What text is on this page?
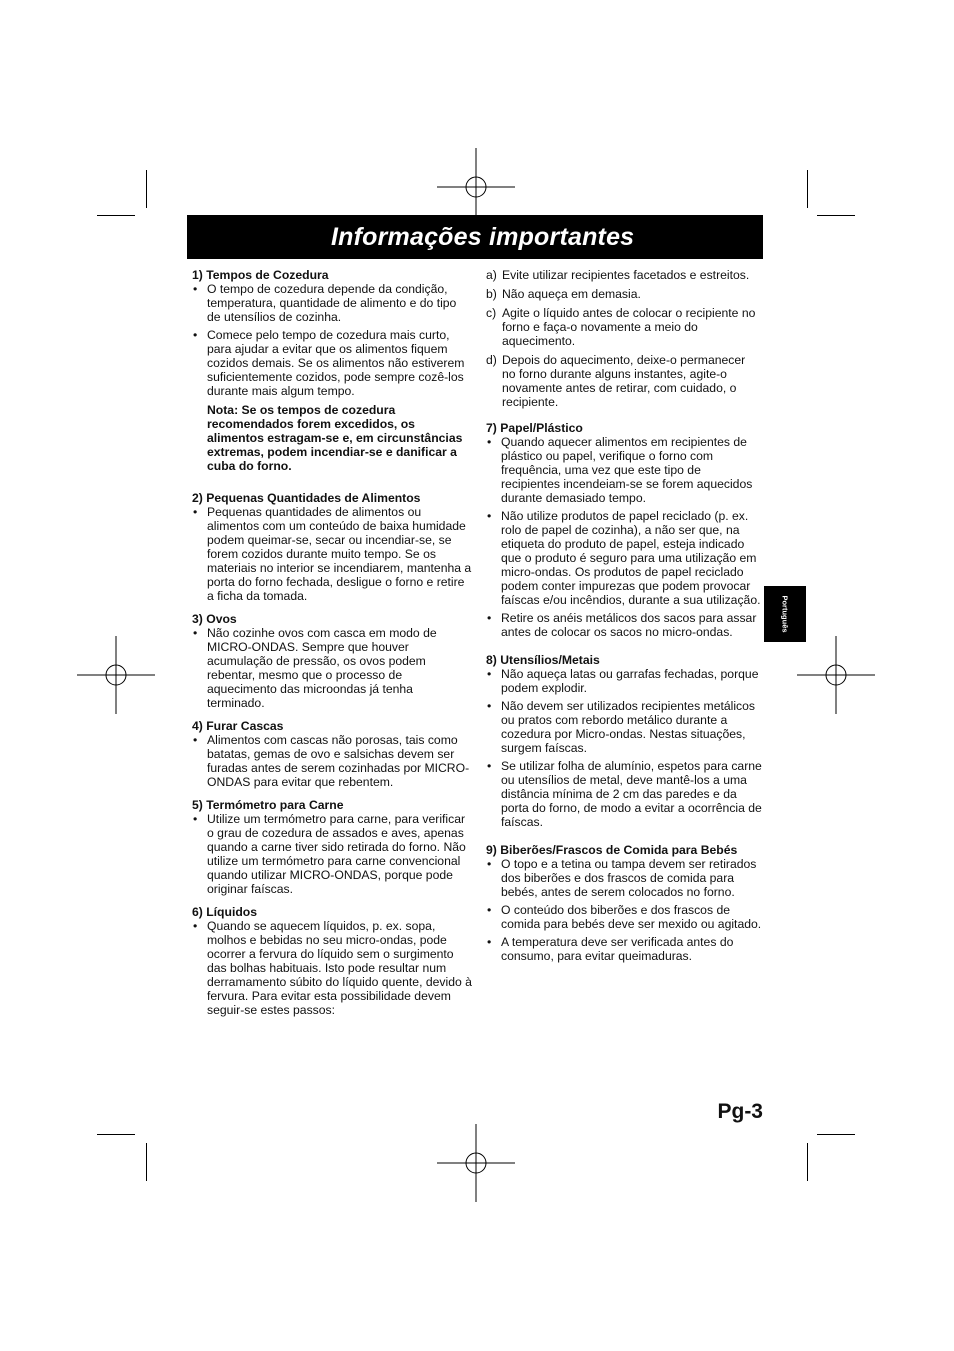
Informações importantes
1) Tempos de Cozedura
• O tempo de cozedura depende da condição, temperatura, quantidade de alimento e do tipo de utensílios de cozinha.
• Comece pelo tempo de cozedura mais curto, para ajudar a evitar que os alimentos fiquem cozidos demais. Se os alimentos não estiverem suficientemente cozidos, pode sempre cozê-los durante mais algum tempo.
Nota: Se os tempos de cozedura recomendados forem excedidos, os alimentos estragam-se e, em circunstâncias extremas, podem incendiar-se e danificar a cuba do forno.
2) Pequenas Quantidades de Alimentos
• Pequenas quantidades de alimentos ou alimentos com um conteúdo de baixa humidade podem queimar-se, secar ou incendiar-se, se forem cozidos durante muito tempo. Se os materiais no interior se incendiarem, mantenha a porta do forno fechada, desligue o forno e retire a ficha da tomada.
3) Ovos
• Não cozinhe ovos com casca em modo de MICRO-ONDAS. Sempre que houver acumulação de pressão, os ovos podem rebentar, mesmo que o processo de aquecimento das microondas já tenha terminado.
4) Furar Cascas
• Alimentos com cascas não porosas, tais como batatas, gemas de ovo e salsichas devem ser furadas antes de serem cozinhadas por MICRO-ONDAS para evitar que rebentem.
5) Termómetro para Carne
• Utilize um termómetro para carne, para verificar o grau de cozedura de assados e aves, apenas quando a carne tiver sido retirada do forno. Não utilize um termómetro para carne convencional quando utilizar MICRO-ONDAS, porque pode originar faíscas.
6) Líquidos
• Quando se aquecem líquidos, p. ex. sopa, molhos e bebidas no seu micro-ondas, pode ocorrer a fervura do líquido sem o surgimento das bolhas habituais. Isto pode resultar num derramamento súbito do líquido quente, devido à fervura. Para evitar esta possibilidade devem seguir-se estes passos:
a) Evite utilizar recipientes facetados e estreitos.
b) Não aqueça em demasia.
c) Agite o líquido antes de colocar o recipiente no forno e faça-o novamente a meio do aquecimento.
d) Depois do aquecimento, deixe-o permanecer no forno durante alguns instantes, agite-o novamente antes de retirar, com cuidado, o recipiente.
7) Papel/Plástico
• Quando aquecer alimentos em recipientes de plástico ou papel, verifique o forno com frequência, uma vez que este tipo de recipientes incendeiam-se se forem aquecidos durante demasiado tempo.
• Não utilize produtos de papel reciclado (p. ex. rolo de papel de cozinha), a não ser que, na etiqueta do produto de papel, esteja indicado que o produto é seguro para uma utilização em micro-ondas. Os produtos de papel reciclado podem conter impurezas que podem provocar faíscas e/ou incêndios, durante a sua utilização.
• Retire os anéis metálicos dos sacos para assar antes de colocar os sacos no micro-ondas.
8) Utensílios/Metais
• Não aqueça latas ou garrafas fechadas, porque podem explodir.
• Não devem ser utilizados recipientes metálicos ou pratos com rebordo metálico durante a cozedura por Micro-ondas. Nestas situações, surgem faíscas.
• Se utilizar folha de alumínio, espetos para carne ou utensílios de metal, deve mantê-los a uma distância mínima de 2 cm das paredes e da porta do forno, de modo a evitar a ocorrência de faíscas.
9) Biberões/Frascos de Comida para Bebés
• O topo e a tetina ou tampa devem ser retirados dos biberões e dos frascos de comida para bebés, antes de serem colocados no forno.
• O conteúdo dos biberões e dos frascos de comida para bebés deve ser mexido ou agitado.
• A temperatura deve ser verificada antes do consumo, para evitar queimaduras.
Português
Pg-3
